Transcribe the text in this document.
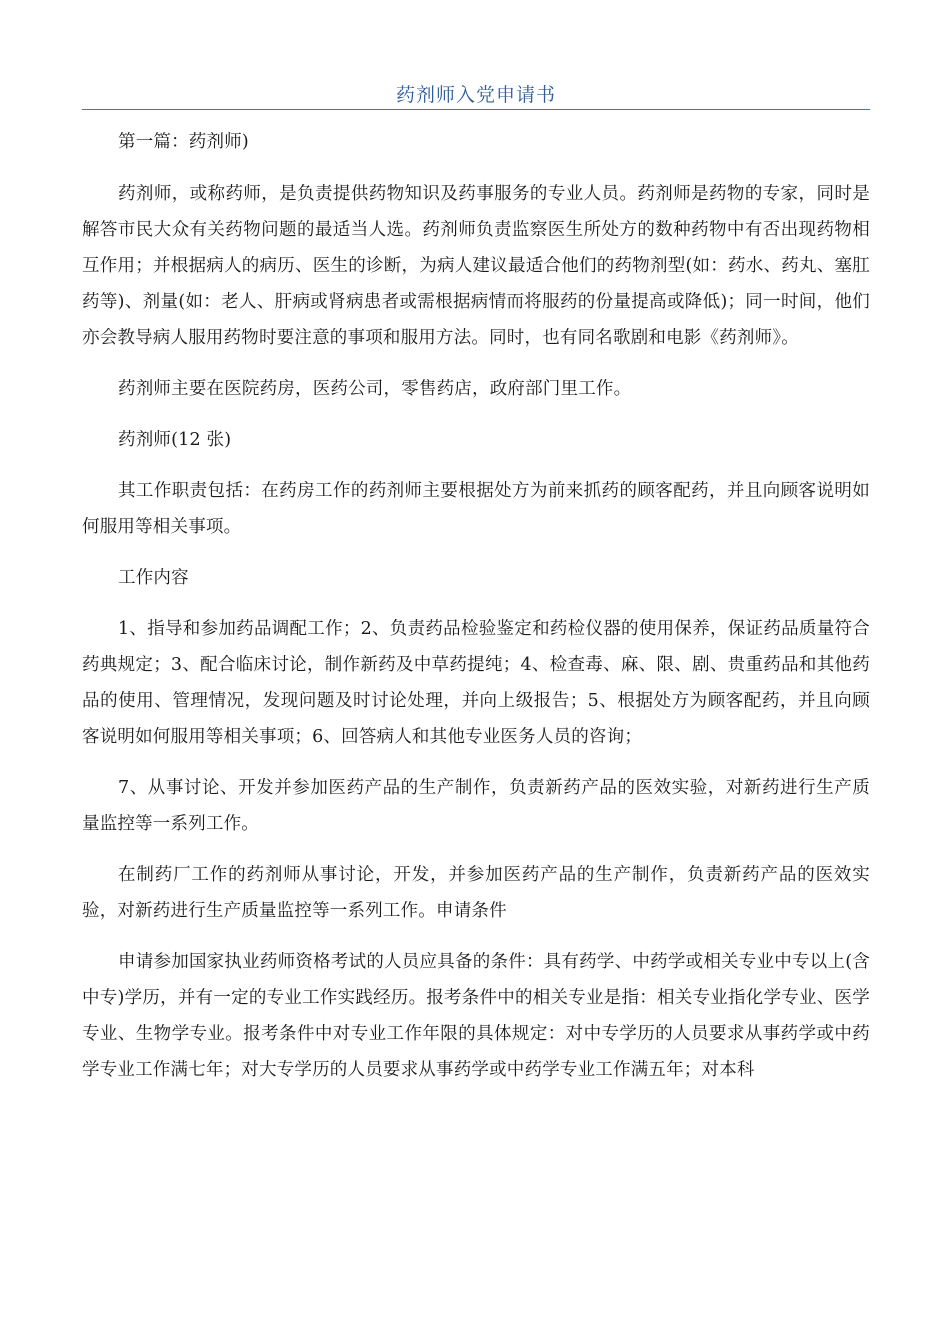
药剂师入党申请书

第一篇：药剂师)

药剂师，或称药师，是负责提供药物知识及药事服务的专业人员。药剂师是药物的专家，同时是解答市民大众有关药物问题的最适当人选。药剂师负责监察医生所处方的数种药物中有否出现药物相互作用；并根据病人的病历、医生的诊断，为病人建议最适合他们的药物剂型(如：药水、药丸、塞肛药等)、剂量(如：老人、肝病或肾病患者或需根据病情而将服药的份量提高或降低)；同一时间，他们亦会教导病人服用药物时要注意的事项和服用方法。同时，也有同名歌剧和电影《药剂师》。

药剂师主要在医院药房，医药公司，零售药店，政府部门里工作。

药剂师(12 张)

其工作职责包括：在药房工作的药剂师主要根据处方为前来抓药的顾客配药，并且向顾客说明如何服用等相关事项。

工作内容

1、指导和参加药品调配工作；2、负责药品检验鉴定和药检仪器的使用保养，保证药品质量符合药典规定；3、配合临床讨论，制作新药及中草药提纯；4、检查毒、麻、限、剧、贵重药品和其他药品的使用、管理情况，发现问题及时讨论处理，并向上级报告；5、根据处方为顾客配药，并且向顾客说明如何服用等相关事项；6、回答病人和其他专业医务人员的咨询；

7、从事讨论、开发并参加医药产品的生产制作，负责新药产品的医效实验，对新药进行生产质量监控等一系列工作。

在制药厂工作的药剂师从事讨论，开发，并参加医药产品的生产制作，负责新药产品的医效实验，对新药进行生产质量监控等一系列工作。申请条件

申请参加国家执业药师资格考试的人员应具备的条件：具有药学、中药学或相关专业中专以上(含中专)学历，并有一定的专业工作实践经历。报考条件中的相关专业是指：相关专业指化学专业、医学专业、生物学专业。报考条件中对专业工作年限的具体规定：对中专学历的人员要求从事药学或中药学专业工作满七年；对大专学历的人员要求从事药学或中药学专业工作满五年；对本科
